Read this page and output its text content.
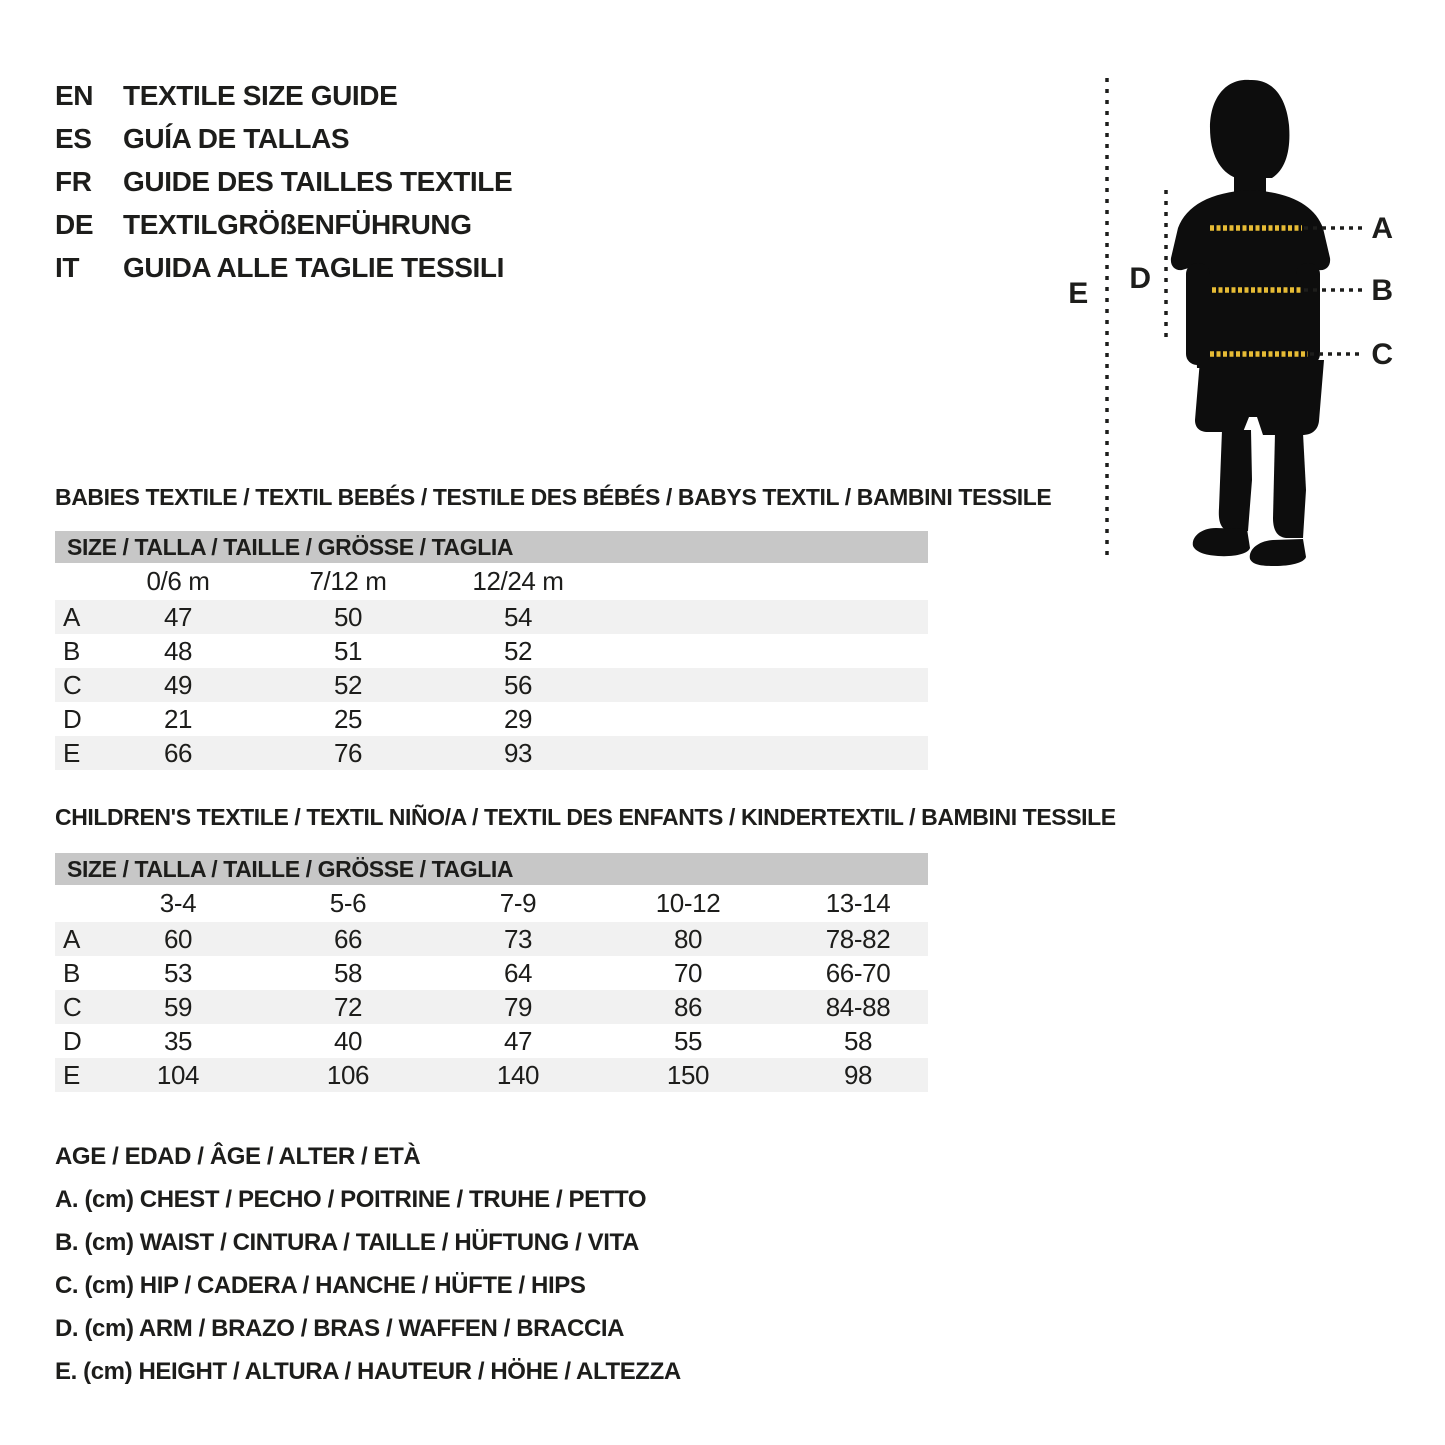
EN	TEXTILE SIZE GUIDE
ES	GUÍA DE TALLAS
FR	GUIDE DES TAILLES TEXTILE
DE	TEXTILGRÖßENFÜHRUNG
IT	GUIDA ALLE TAGLIE TESSILI
E D
A
B
C
BABIES TEXTILE / TEXTIL BEBÉS / TESTILE DES BÉBÉS / BABYS TEXTIL / BAMBINI TESSILE
SIZE / TALLA / TAILLE / GRÖSSE / TAGLIA
0/6 m	7/12 m	12/24 m
A	47	50	54
B	48	51	52
C	49	52	56
D	21	25	29
E	66	76	93
CHILDREN'S TEXTILE / TEXTIL NIÑO/A / TEXTIL DES ENFANTS / KINDERTEXTIL / BAMBINI TESSILE
SIZE / TALLA / TAILLE / GRÖSSE / TAGLIA
3-4	5-6	7-9	10-12	13-14
A	60	66	73	80	78-82
B	53	58	64	70	66-70
C	59	72	79	86	84-88
D	35	40	47	55	58
E	104	106	140	150	98
AGE / EDAD / ÂGE / ALTER / ETÀ
A. (cm) CHEST / PECHO / POITRINE / TRUHE / PETTO
B. (cm) WAIST / CINTURA / TAILLE / HÜFTUNG / VITA
C. (cm) HIP / CADERA / HANCHE / HÜFTE / HIPS
D. (cm) ARM / BRAZO / BRAS / WAFFEN / BRACCIA
E. (cm) HEIGHT / ALTURA / HAUTEUR / HÖHE / ALTEZZA
